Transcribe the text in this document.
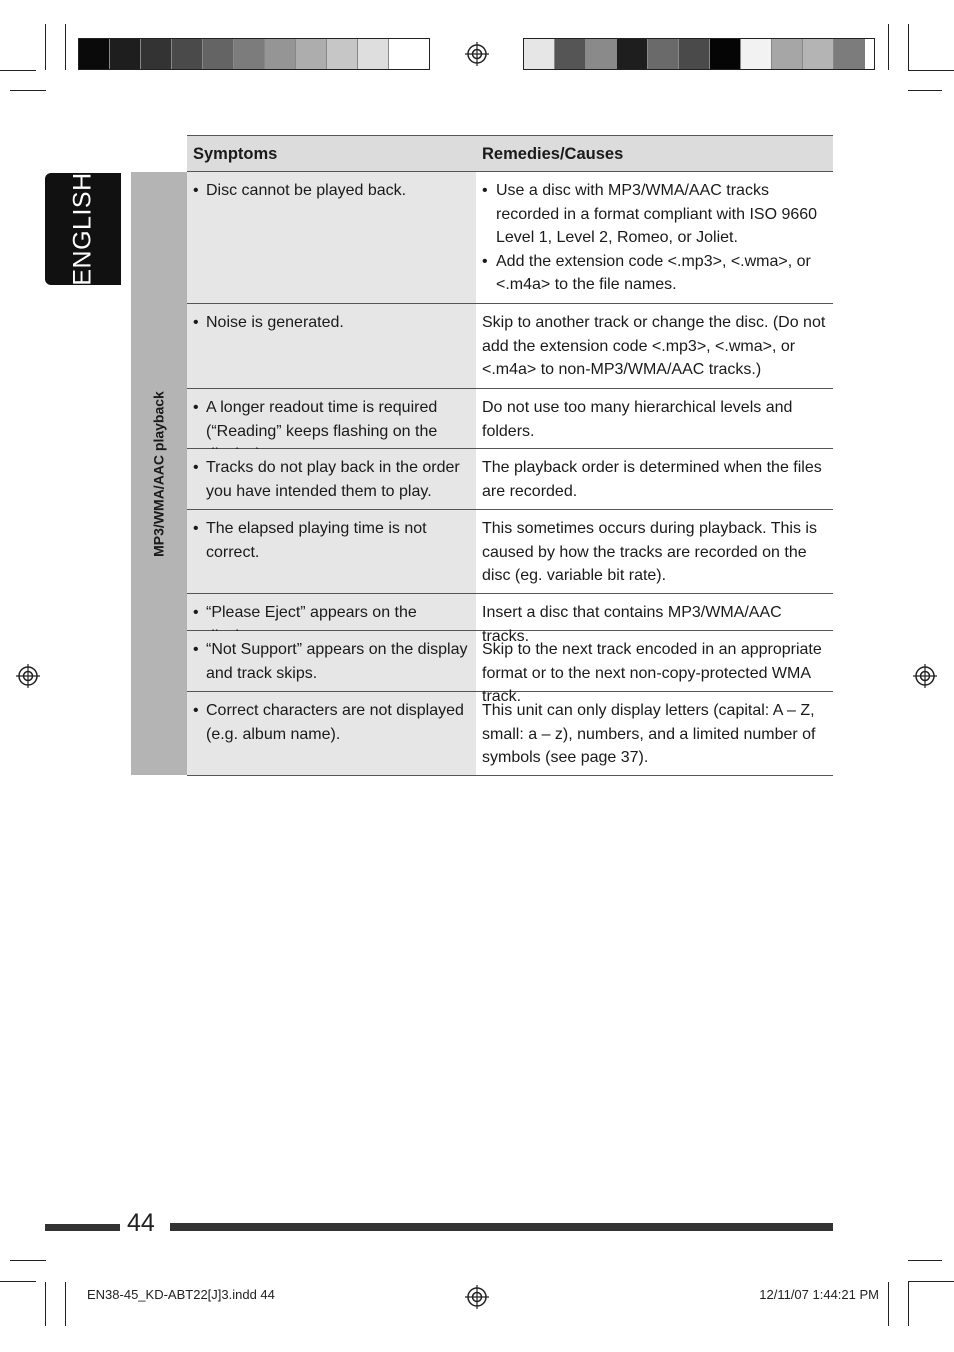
ENGLISH
Symptoms	Remedies/Causes
MP3/WMA/AAC playback
• Disc cannot be played back.
•	Use a disc with MP3/WMA/AAC tracks recorded in a format compliant with ISO 9660 Level 1, Level 2, Romeo, or Joliet.
• Add the extension code <.mp3>, <.wma>, or <.m4a> to the file names.
• Noise is generated.	Skip to another track or change the disc. (Do not add the extension code <.mp3>, <.wma>, or <.m4a> to non-MP3/WMA/AAC tracks.)
• A longer readout time is required (“Reading” keeps flashing on the
Do not use too many hierarchical levels and folders.
• Tracks do not play back in the order you have intended them to play.
The playback order is determined when the files are recorded.
• The elapsed playing time is not correct.
This sometimes occurs during playback. This is caused by how the tracks are recorded on the disc (eg. variable bit rate).
• “Please Eject” appears on the	Insert a disc that contains MP3/WMA/AAC tracks.
• “Not Support” appears on the display and track skips.
Skip to the next track encoded in an appropriate format or to the next non-copy-protected WMA track.
• Correct characters are not displayed (e.g. album name).
This unit can only display letters (capital: A – Z, small: a – z), numbers, and a limited number of symbols (see page 37).
44
EN38-45_KD-ABT22[J]3.indd 44	12/11/07 1:44:21 PM
